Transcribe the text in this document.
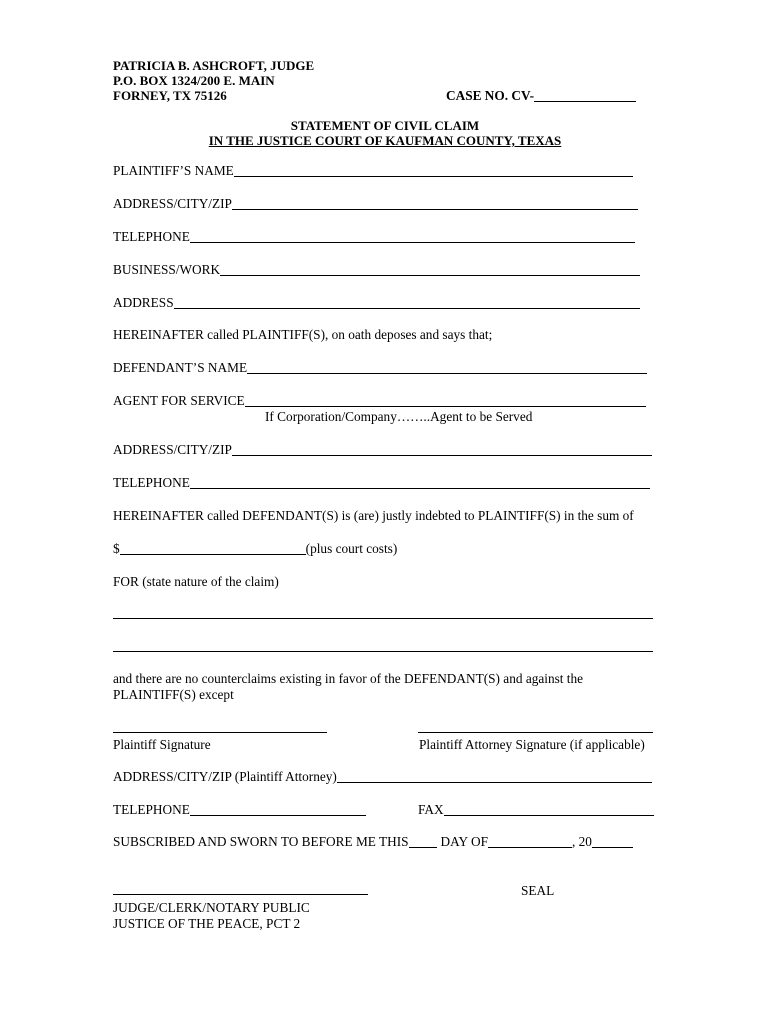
PATRICIA B. ASHCROFT, JUDGE
P.O. BOX 1324/200 E. MAIN
FORNEY, TX 75126	CASE NO. CV-
STATEMENT OF CIVIL CLAIM
IN THE JUSTICE COURT OF KAUFMAN COUNTY, TEXAS
PLAINTIFF’S NAME
ADDRESS/CITY/ZIP
TELEPHONE
BUSINESS/WORK
ADDRESS
HEREINAFTER called PLAINTIFF(S), on oath deposes and says that;
DEFENDANT’S NAME
AGENT FOR SERVICE
If Corporation/Company……..Agent to be Served
ADDRESS/CITY/ZIP
TELEPHONE
HEREINAFTER called DEFENDANT(S) is (are) justly indebted to PLAINTIFF(S) in the sum of
$	(plus court costs)
FOR (state nature of the claim)
and there are no counterclaims existing in favor of the DEFENDANT(S) and against the
PLAINTIFF(S) except
Plaintiff Signature	Plaintiff Attorney Signature (if applicable)
ADDRESS/CITY/ZIP (Plaintiff Attorney)
TELEPHONE	FAX
SUBSCRIBED AND SWORN TO BEFORE ME THIS DAY OF	, 20
SEAL
JUDGE/CLERK/NOTARY PUBLIC
JUSTICE OF THE PEACE, PCT 2
